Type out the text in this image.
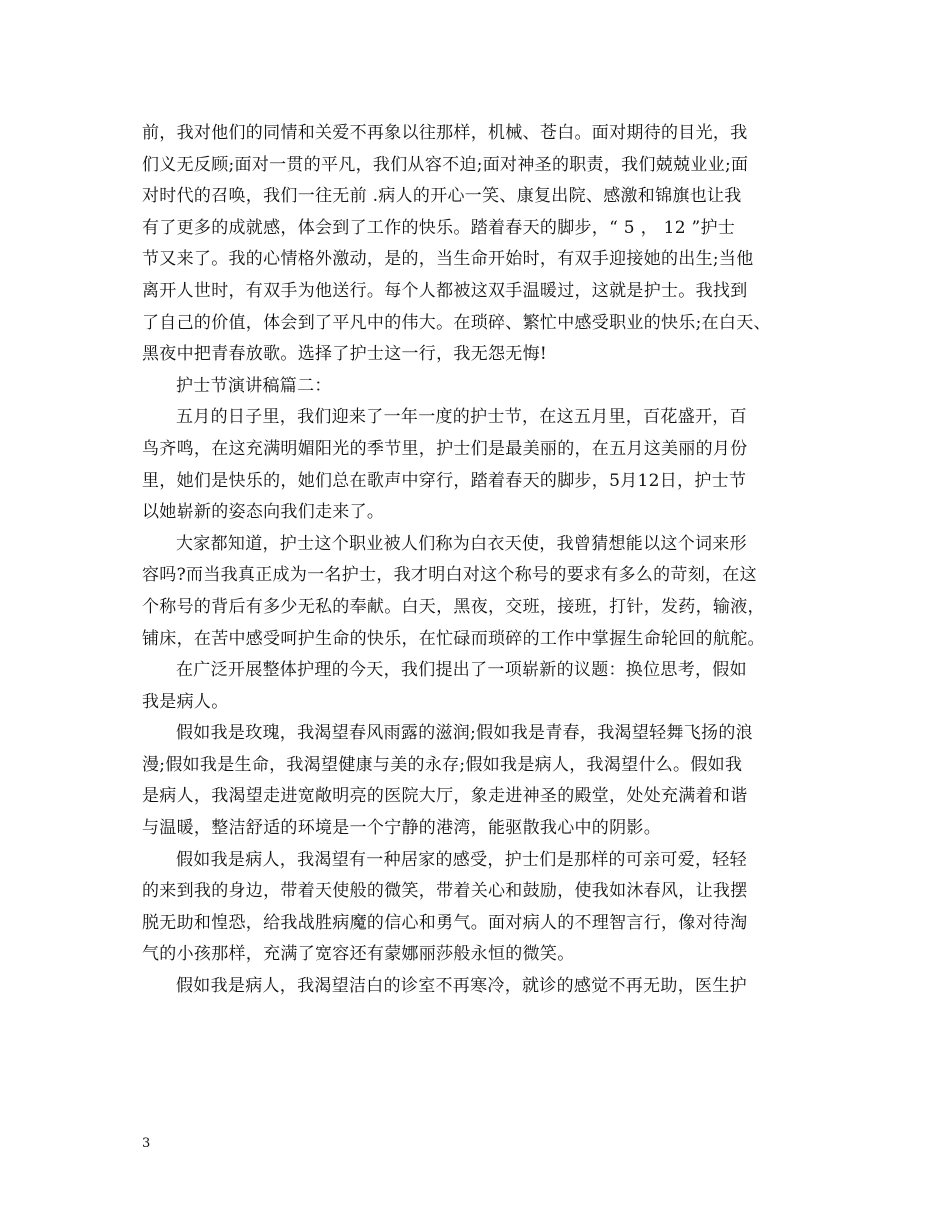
前，我对他们的同情和关爱不再象以往那样，机械、苍白。面对期待的目光，我
们义无反顾;面对一贯的平凡，我们从容不迫;面对神圣的职责，我们兢兢业业;面
对时代的召唤，我们一往无前 .病人的开心一笑、康复出院、感激和锦旗也让我
有了更多的成就感，体会到了工作的快乐。踏着春天的脚步，“ 5 ， 12 ”护士
节又来了。我的心情格外激动，是的，当生命开始时，有双手迎接她的出生;当他
离开人世时，有双手为他送行。每个人都被这双手温暖过，这就是护士。我找到
了自己的价值，体会到了平凡中的伟大。在琐碎、繁忙中感受职业的快乐;在白天、
黑夜中把青春放歌。选择了护士这一行，我无怨无悔!
护士节演讲稿篇二：
五月的日子里，我们迎来了一年一度的护士节，在这五月里，百花盛开，百
鸟齐鸣，在这充满明媚阳光的季节里，护士们是最美丽的，在五月这美丽的月份
里，她们是快乐的，她们总在歌声中穿行，踏着春天的脚步，5月12日，护士节
以她崭新的姿态向我们走来了。
大家都知道，护士这个职业被人们称为白衣天使，我曾猜想能以这个词来形
容吗?而当我真正成为一名护士，我才明白对这个称号的要求有多么的苛刻，在这
个称号的背后有多少无私的奉献。白天，黑夜，交班，接班，打针，发药，输液，
铺床，在苦中感受呵护生命的快乐，在忙碌而琐碎的工作中掌握生命轮回的航舵。
在广泛开展整体护理的今天，我们提出了一项崭新的议题：换位思考，假如
我是病人。
假如我是玫瑰，我渴望春风雨露的滋润;假如我是青春，我渴望轻舞飞扬的浪
漫;假如我是生命，我渴望健康与美的永存;假如我是病人，我渴望什么。假如我
是病人，我渴望走进宽敞明亮的医院大厅，象走进神圣的殿堂，处处充满着和谐
与温暖，整洁舒适的环境是一个宁静的港湾，能驱散我心中的阴影。
假如我是病人，我渴望有一种居家的感受，护士们是那样的可亲可爱，轻轻
的来到我的身边，带着天使般的微笑，带着关心和鼓励，使我如沐春风，让我摆
脱无助和惶恐，给我战胜病魔的信心和勇气。面对病人的不理智言行，像对待淘
气的小孩那样，充满了宽容还有蒙娜丽莎般永恒的微笑。
假如我是病人，我渴望洁白的诊室不再寒冷，就诊的感觉不再无助，医生护
3
